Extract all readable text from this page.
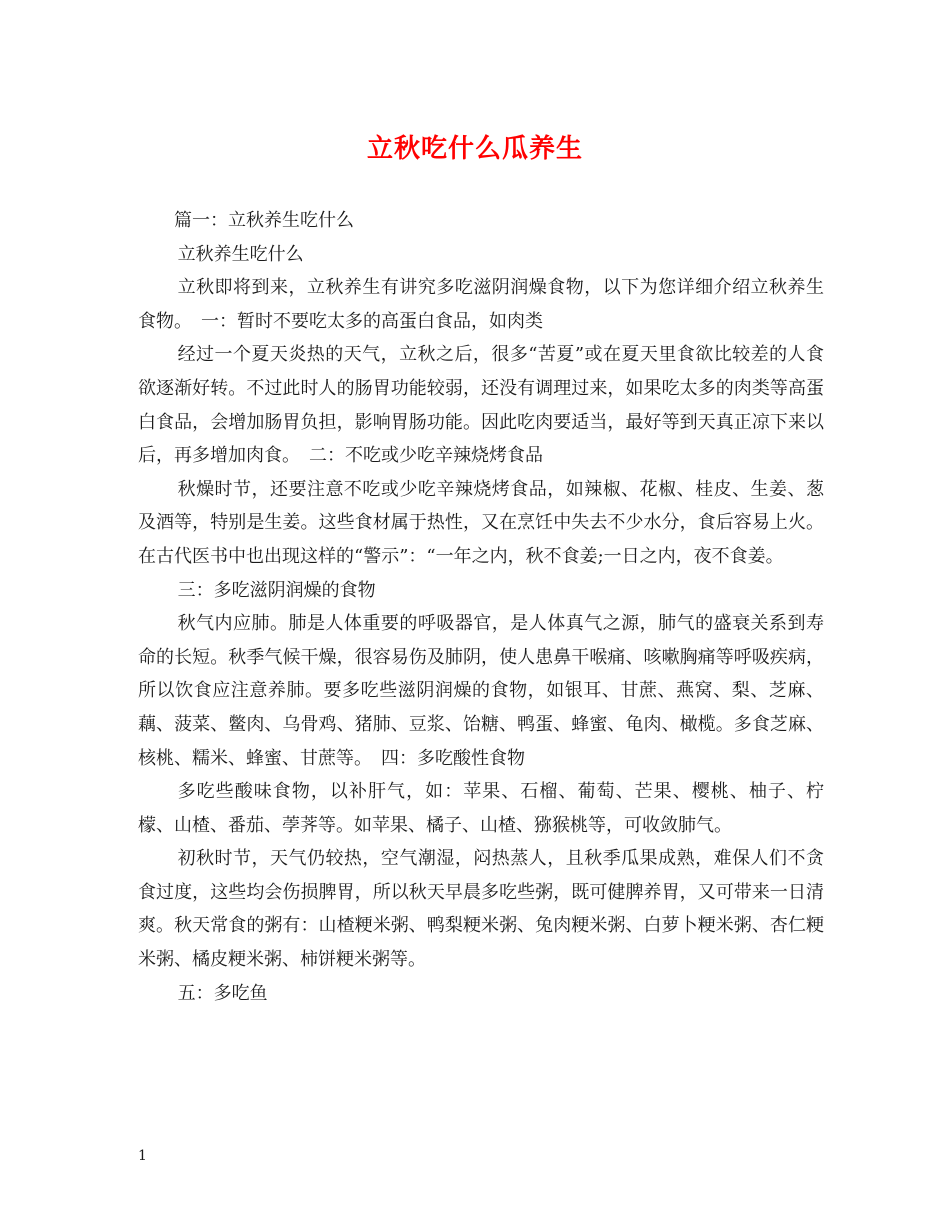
立秋吃什么瓜养生

篇一：立秋养生吃什么

立秋养生吃什么

立秋即将到来，立秋养生有讲究多吃滋阴润燥食物，以下为您详细介绍立秋养生食物。　一：暂时不要吃太多的高蛋白食品，如肉类

经过一个夏天炎热的天气，立秋之后，很多“苦夏”或在夏天里食欲比较差的人食欲逐渐好转。不过此时人的肠胃功能较弱，还没有调理过来，如果吃太多的肉类等高蛋白食品，会增加肠胃负担，影响胃肠功能。因此吃肉要适当，最好等到天真正凉下来以后，再多增加肉食。　二：不吃或少吃辛辣烧烤食品

秋燥时节，还要注意不吃或少吃辛辣烧烤食品，如辣椒、花椒、桂皮、生姜、葱及酒等，特别是生姜。这些食材属于热性，又在烹饪中失去不少水分，食后容易上火。在古代医书中也出现这样的“警示”：“一年之内，秋不食姜;一日之内，夜不食姜。

三：多吃滋阴润燥的食物

秋气内应肺。肺是人体重要的呼吸器官，是人体真气之源，肺气的盛衰关系到寿命的长短。秋季气候干燥，很容易伤及肺阴，使人患鼻干喉痛、咳嗽胸痛等呼吸疾病，所以饮食应注意养肺。要多吃些滋阴润燥的食物，如银耳、甘蔗、燕窝、梨、芝麻、藕、菠菜、鳖肉、乌骨鸡、猪肺、豆浆、饴糖、鸭蛋、蜂蜜、龟肉、橄榄。多食芝麻、核桃、糯米、蜂蜜、甘蔗等。　四：多吃酸性食物

多吃些酸味食物，以补肝气，如：苹果、石榴、葡萄、芒果、樱桃、柚子、柠檬、山楂、番茄、荸荠等。如苹果、橘子、山楂、猕猴桃等，可收敛肺气。

初秋时节，天气仍较热，空气潮湿，闷热蒸人，且秋季瓜果成熟，难保人们不贪食过度，这些均会伤损脾胃，所以秋天早晨多吃些粥，既可健脾养胃，又可带来一日清爽。秋天常食的粥有：山楂粳米粥、鸭梨粳米粥、兔肉粳米粥、白萝卜粳米粥、杏仁粳米粥、橘皮粳米粥、柿饼粳米粥等。

五：多吃鱼

1
